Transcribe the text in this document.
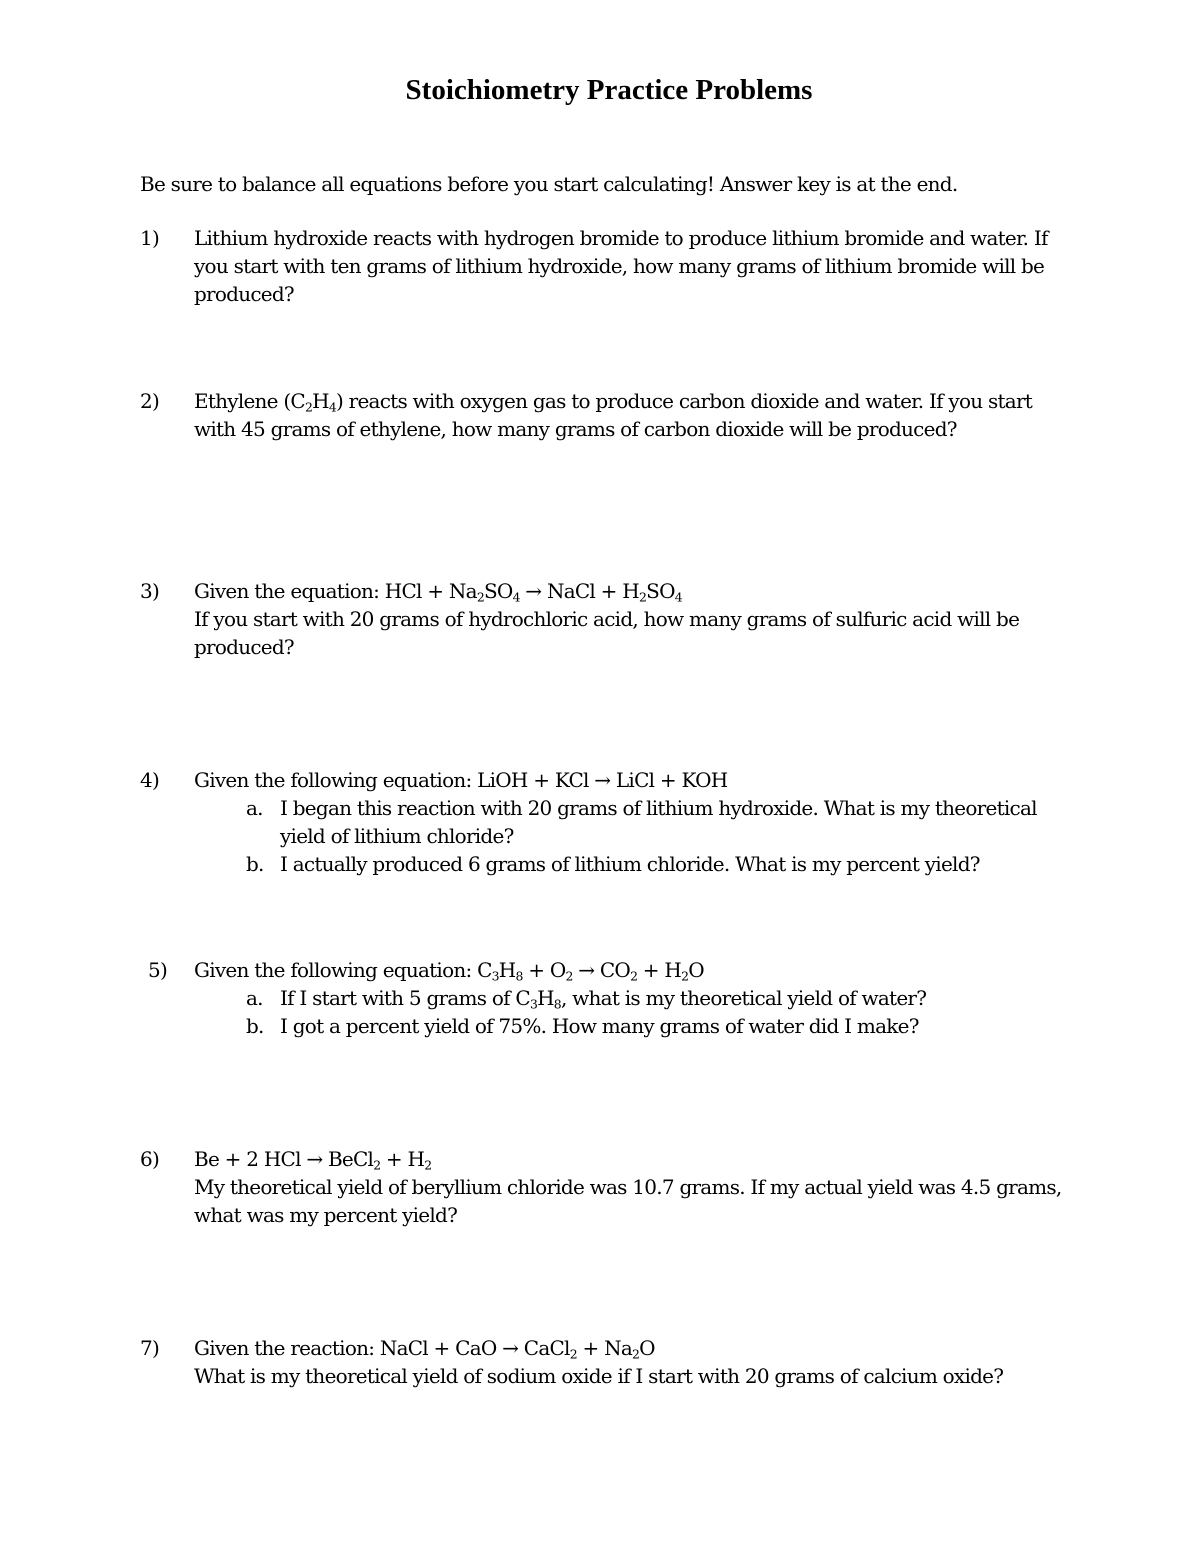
Stoichiometry Practice Problems
Be sure to balance all equations before you start calculating! Answer key is at the end.
1) Lithium hydroxide reacts with hydrogen bromide to produce lithium bromide and water. If
you start with ten grams of lithium hydroxide, how many grams of lithium bromide will be
produced?
2) Ethylene $(C_2H_4)$ reacts with oxygen gas to produce carbon dioxide and water. If you start
with 45 grams of ethylene, how many grams of carbon dioxide will be produced?
3) Given the equation: HCl + $Na_2SO_4$ → NaCl + $H_2SO_4$
If you start with 20 grams of hydrochloric acid, how many grams of sulfuric acid will be
produced?
4) Given the following equation: LiOH + KCl → LiCl + KOH
a. I began this reaction with 20 grams of lithium hydroxide. What is my theoretical
yield of lithium chloride?
b. I actually produced 6 grams of lithium chloride. What is my percent yield?
5) Given the following equation: $C_3H_8 + O_2 \to CO_2 + H_2O$
a. If I start with 5 grams of $C_3H_8$, what is my theoretical yield of water?
b. I got a percent yield of 75%. How many grams of water did I make?
6) Be + 2 HCl → BeCl$_2$ + $H_2$
My theoretical yield of beryllium chloride was 10.7 grams. If my actual yield was 4.5 grams,
what was my percent yield?
7) Given the reaction: NaCl + CaO → CaCl$_2$ + $Na_2O$
What is my theoretical yield of sodium oxide if I start with 20 grams of calcium oxide?
